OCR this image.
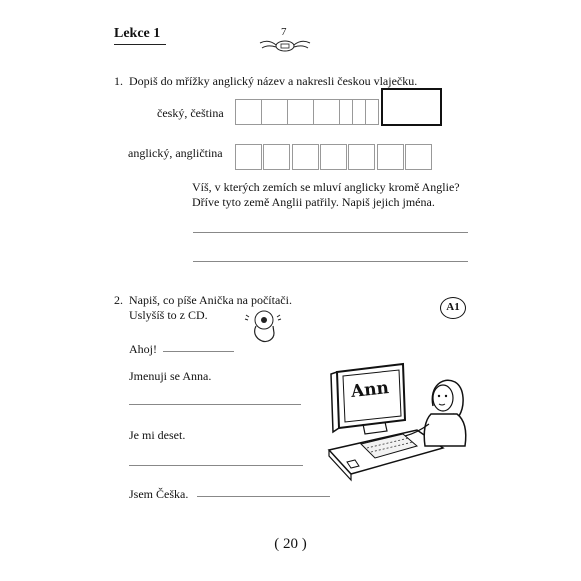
Lekce 1	7
1. Dopiš do mřížky anglický název a nakresli českou vlaječku.
český, čeština
anglický, angličtina
Víš, v kterých zemích se mluví anglicky kromě Anglie?
Dříve tyto země Anglii patřily. Napiš jejich jména.
2. Napiš, co píše Anička na počítači.
Uslyšíš to z CD.
A1
Ahoj!
Jmenuji se Anna.
Je mi deset.
Jsem Češka.
Ann
( 20 )
